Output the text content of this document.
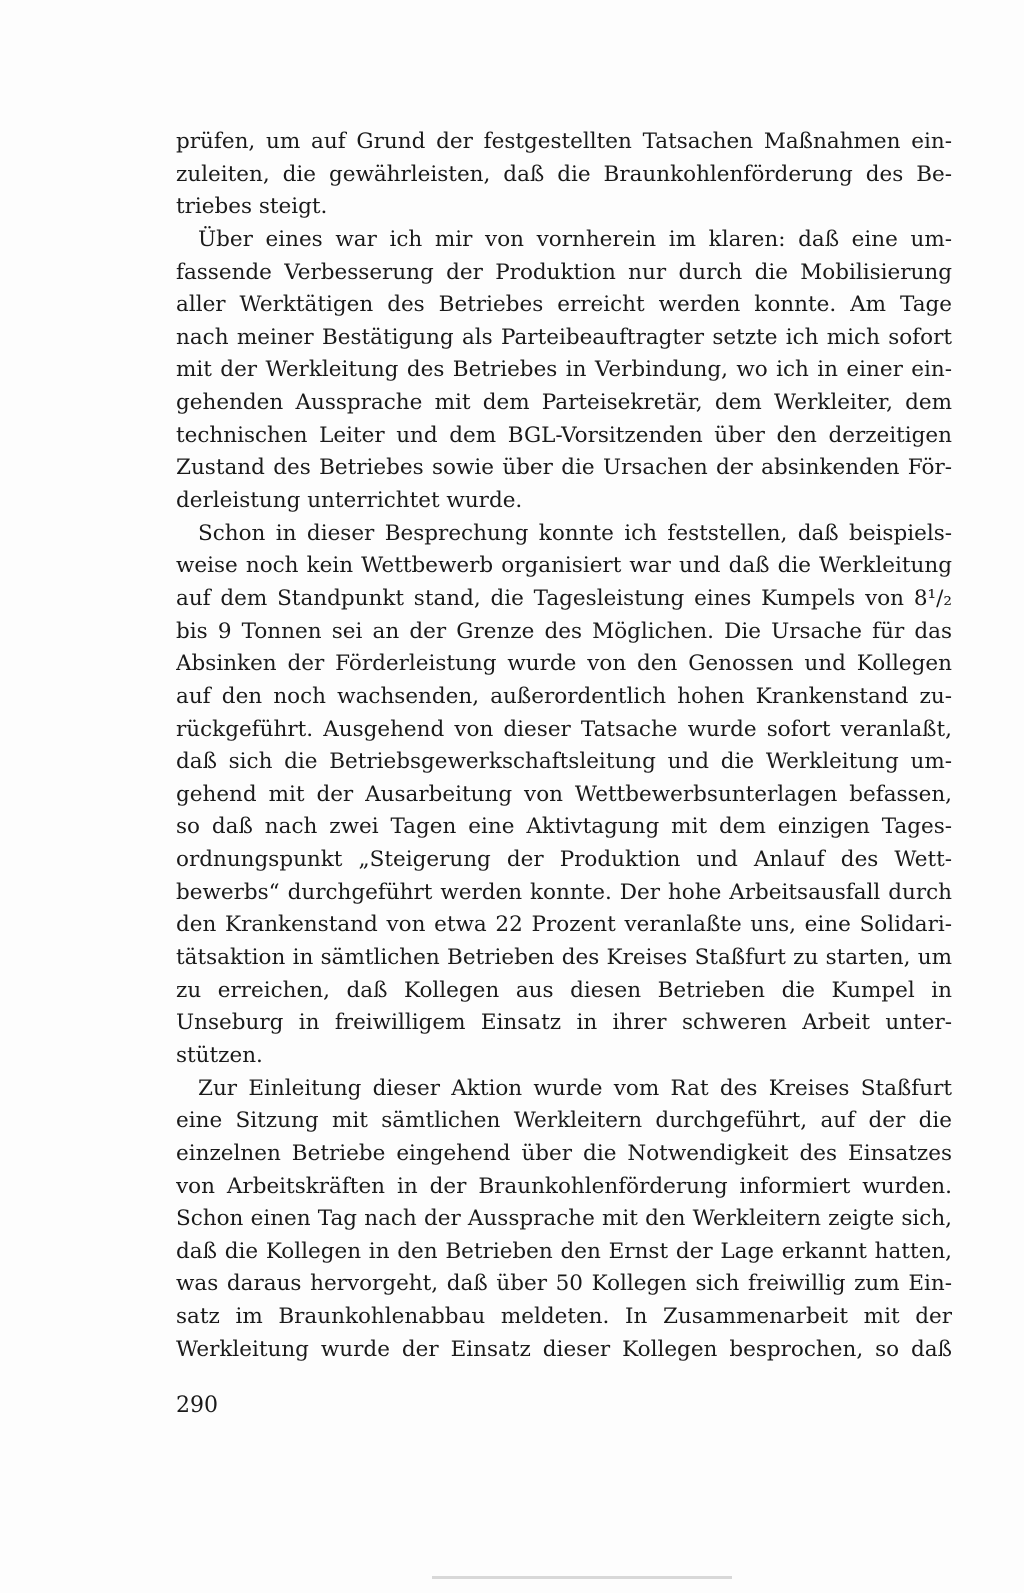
prüfen, um auf Grund der festgestellten Tatsachen Maßnahmen ein-
zuleiten, die gewährleisten, daß die Braunkohlenförderung des Be-
triebes steigt.
Über eines war ich mir von vornherein im klaren: daß eine um-
fassende Verbesserung der Produktion nur durch die Mobilisierung
aller Werktätigen des Betriebes erreicht werden konnte. Am Tage
nach meiner Bestätigung als Parteibeauftragter setzte ich mich sofort
mit der Werkleitung des Betriebes in Verbindung, wo ich in einer ein-
gehenden Aussprache mit dem Parteisekretär, dem Werkleiter, dem
technischen Leiter und dem BGL-Vorsitzenden über den derzeitigen
Zustand des Betriebes sowie über die Ursachen der absinkenden För-
derleistung unterrichtet wurde.
Schon in dieser Besprechung konnte ich feststellen, daß beispiels-
weise noch kein Wettbewerb organisiert war und daß die Werkleitung
auf dem Standpunkt stand, die Tagesleistung eines Kumpels von 8¹/₂
bis 9 Tonnen sei an der Grenze des Möglichen. Die Ursache für das
Absinken der Förderleistung wurde von den Genossen und Kollegen
auf den noch wachsenden, außerordentlich hohen Krankenstand zu-
rückgeführt. Ausgehend von dieser Tatsache wurde sofort veranlaßt,
daß sich die Betriebsgewerkschaftsleitung und die Werkleitung um-
gehend mit der Ausarbeitung von Wettbewerbsunterlagen befassen,
so daß nach zwei Tagen eine Aktivtagung mit dem einzigen Tages-
ordnungspunkt „Steigerung der Produktion und Anlauf des Wett-
bewerbs“ durchgeführt werden konnte. Der hohe Arbeitsausfall durch
den Krankenstand von etwa 22 Prozent veranlaßte uns, eine Solidari-
tätsaktion in sämtlichen Betrieben des Kreises Staßfurt zu starten, um
zu erreichen, daß Kollegen aus diesen Betrieben die Kumpel in
Unseburg in freiwilligem Einsatz in ihrer schweren Arbeit unter-
stützen.
Zur Einleitung dieser Aktion wurde vom Rat des Kreises Staßfurt
eine Sitzung mit sämtlichen Werkleitern durchgeführt, auf der die
einzelnen Betriebe eingehend über die Notwendigkeit des Einsatzes
von Arbeitskräften in der Braunkohlenförderung informiert wurden.
Schon einen Tag nach der Aussprache mit den Werkleitern zeigte sich,
daß die Kollegen in den Betrieben den Ernst der Lage erkannt hatten,
was daraus hervorgeht, daß über 50 Kollegen sich freiwillig zum Ein-
satz im Braunkohlenabbau meldeten. In Zusammenarbeit mit der
Werkleitung wurde der Einsatz dieser Kollegen besprochen, so daß
290
